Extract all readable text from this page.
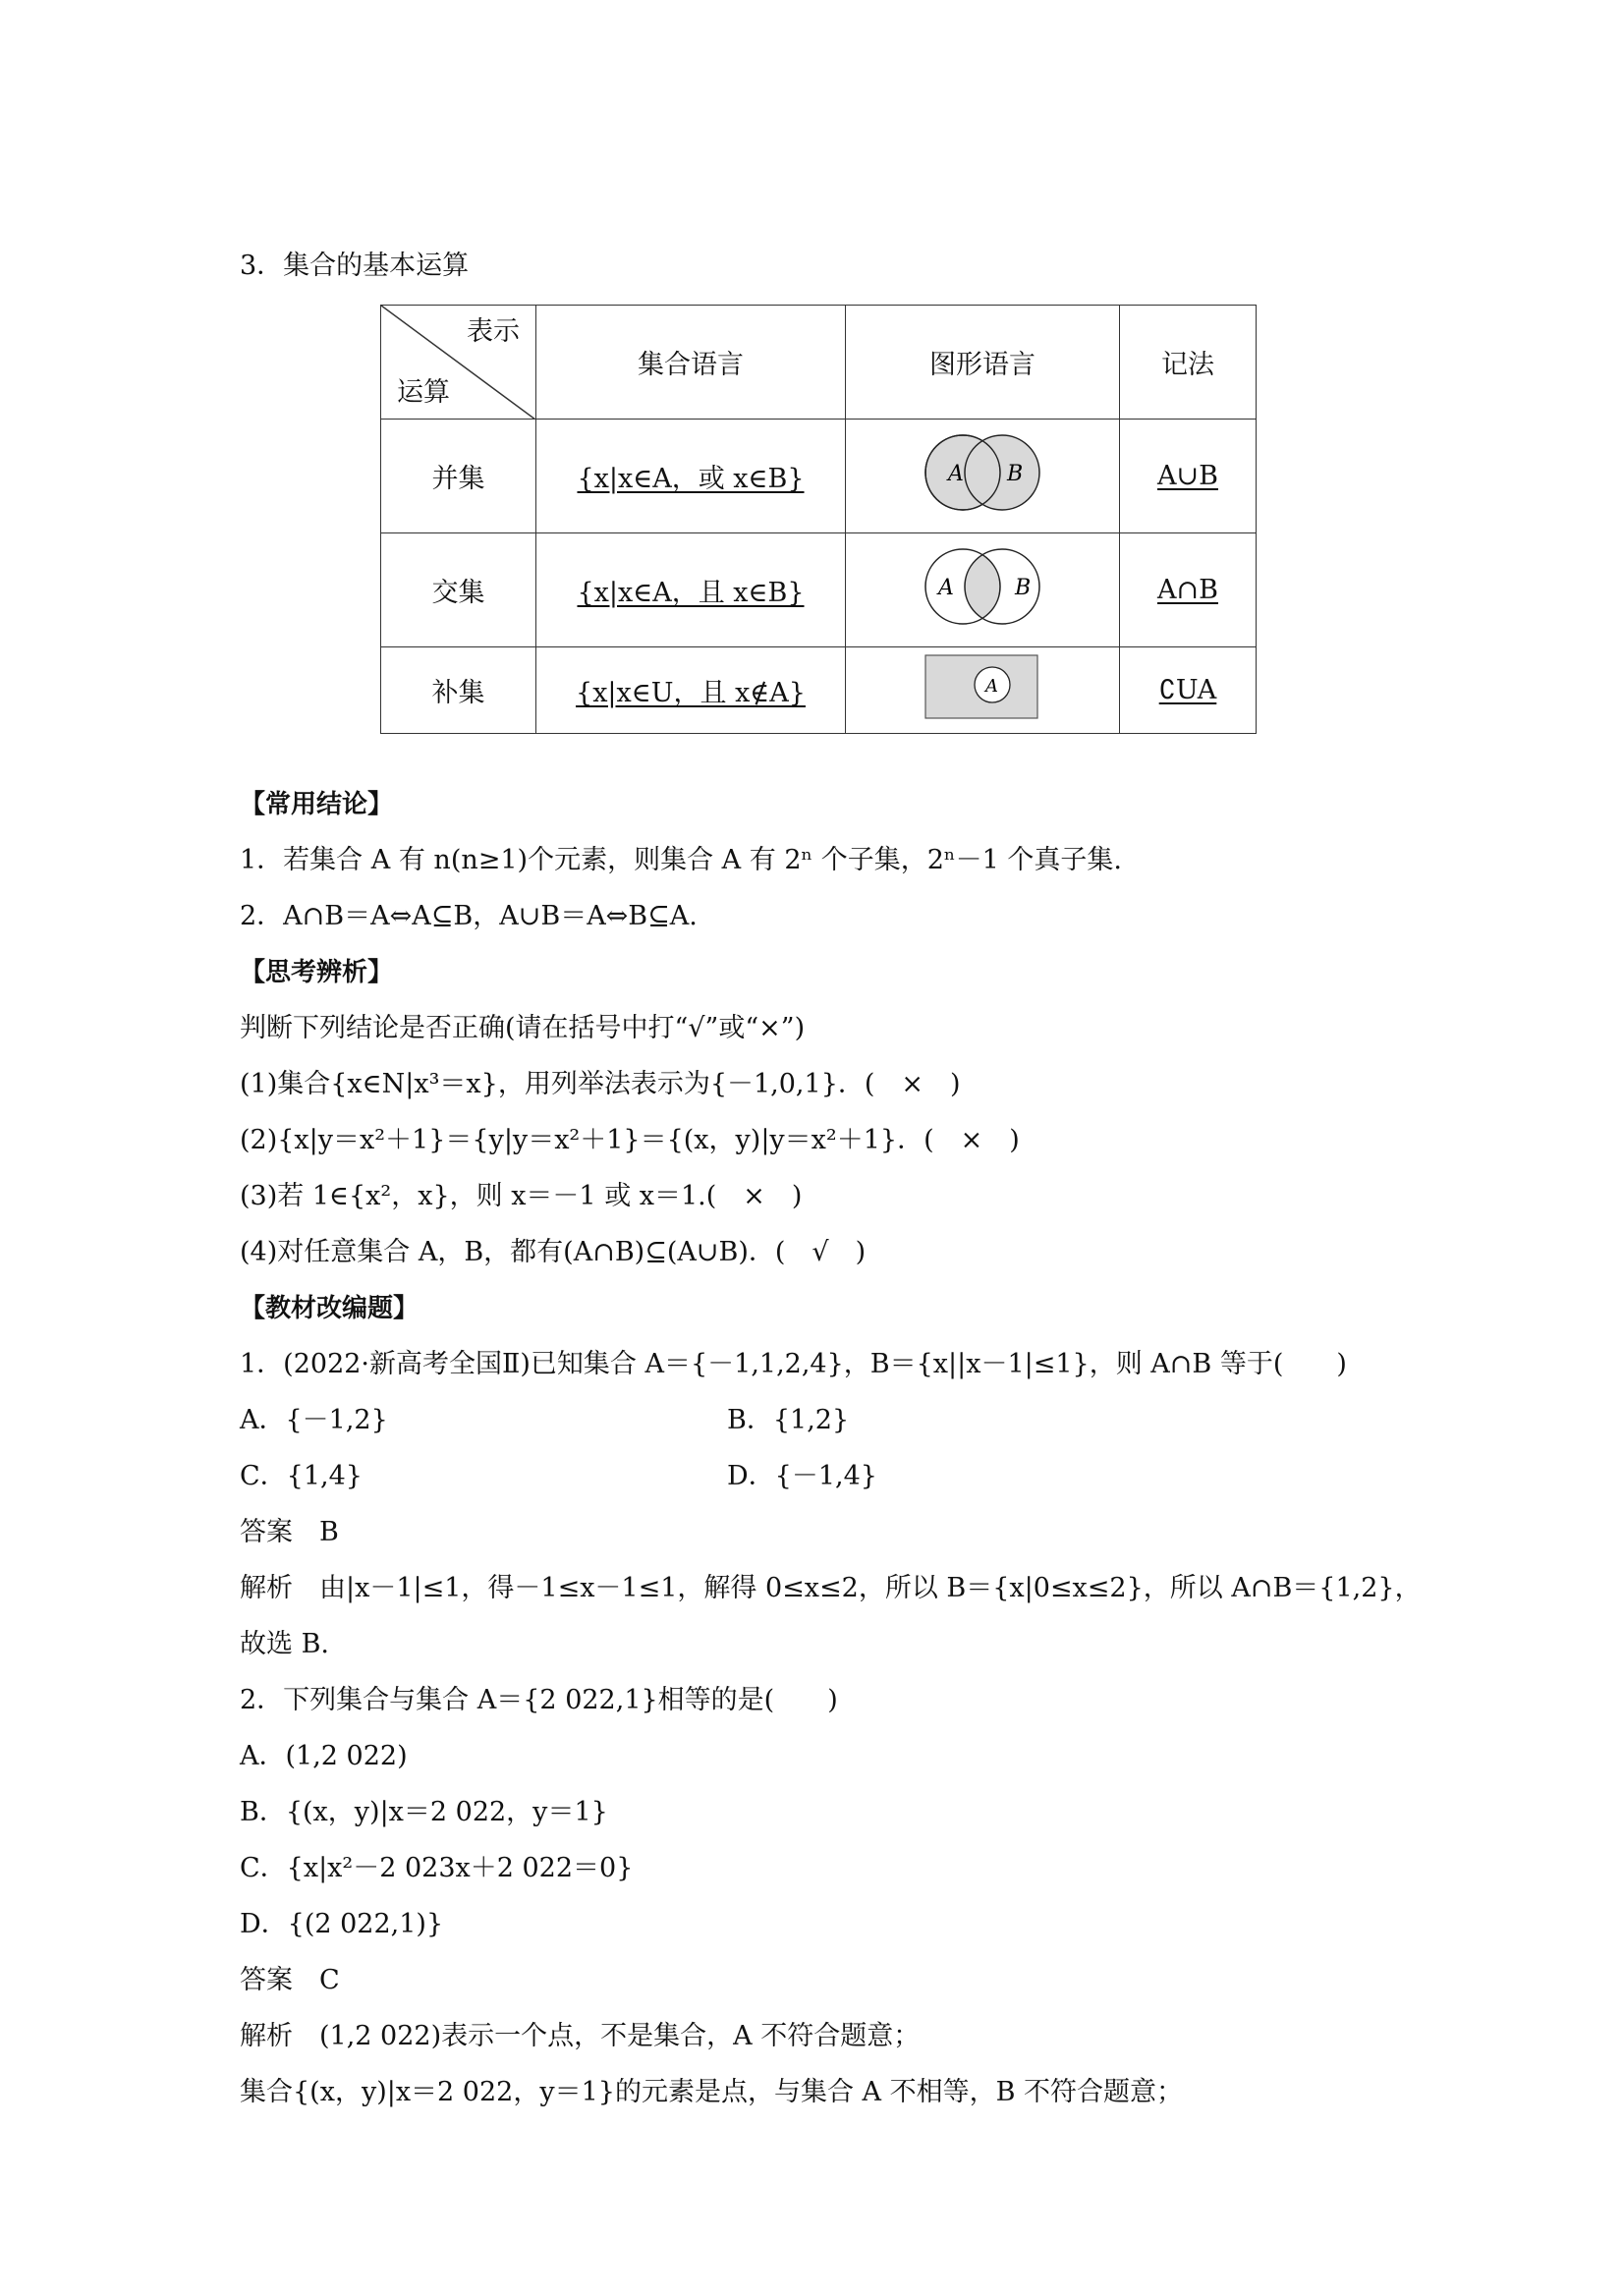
3．集合的基本运算
表示
运算	集合语言	图形语言	记法
并集	{x|x∈A，或 x∈B}	A B	A∪B
交集	{x|x∈A，且 x∈B}	A B	A∩B
补集	{x|x∈U，且 x∉A}	A	∁UA
【常用结论】
1．若集合 A 有 n(n≥1)个元素，则集合 A 有 2ⁿ 个子集，2ⁿ－1 个真子集.
2．A∩B＝A⇔A⊆B，A∪B＝A⇔B⊆A.
【思考辨析】
判断下列结论是否正确(请在括号中打“√”或“×”)
(1)集合{x∈N|x³＝x}，用列举法表示为{－1,0,1}．(　×　)
(2){x|y＝x²＋1}＝{y|y＝x²＋1}＝{(x，y)|y＝x²＋1}．(　×　)
(3)若 1∈{x²，x}，则 x＝－1 或 x＝1.(　×　)
(4)对任意集合 A，B，都有(A∩B)⊆(A∪B)．(　√　)
【教材改编题】
1．(2022·新高考全国Ⅱ)已知集合 A＝{－1,1,2,4}，B＝{x||x－1|≤1}，则 A∩B 等于(　　)
A．{－1,2}	B．{1,2}
C．{1,4}	D．{－1,4}
答案　B
解析　由|x－1|≤1，得－1≤x－1≤1，解得 0≤x≤2，所以 B＝{x|0≤x≤2}，所以 A∩B＝{1,2}，
故选 B.
2．下列集合与集合 A＝{2 022,1}相等的是(　　)
A．(1,2 022)
B．{(x，y)|x＝2 022，y＝1}
C．{x|x²－2 023x＋2 022＝0}
D．{(2 022,1)}
答案　C
解析　(1,2 022)表示一个点，不是集合，A 不符合题意；
集合{(x，y)|x＝2 022，y＝1}的元素是点，与集合 A 不相等，B 不符合题意；
